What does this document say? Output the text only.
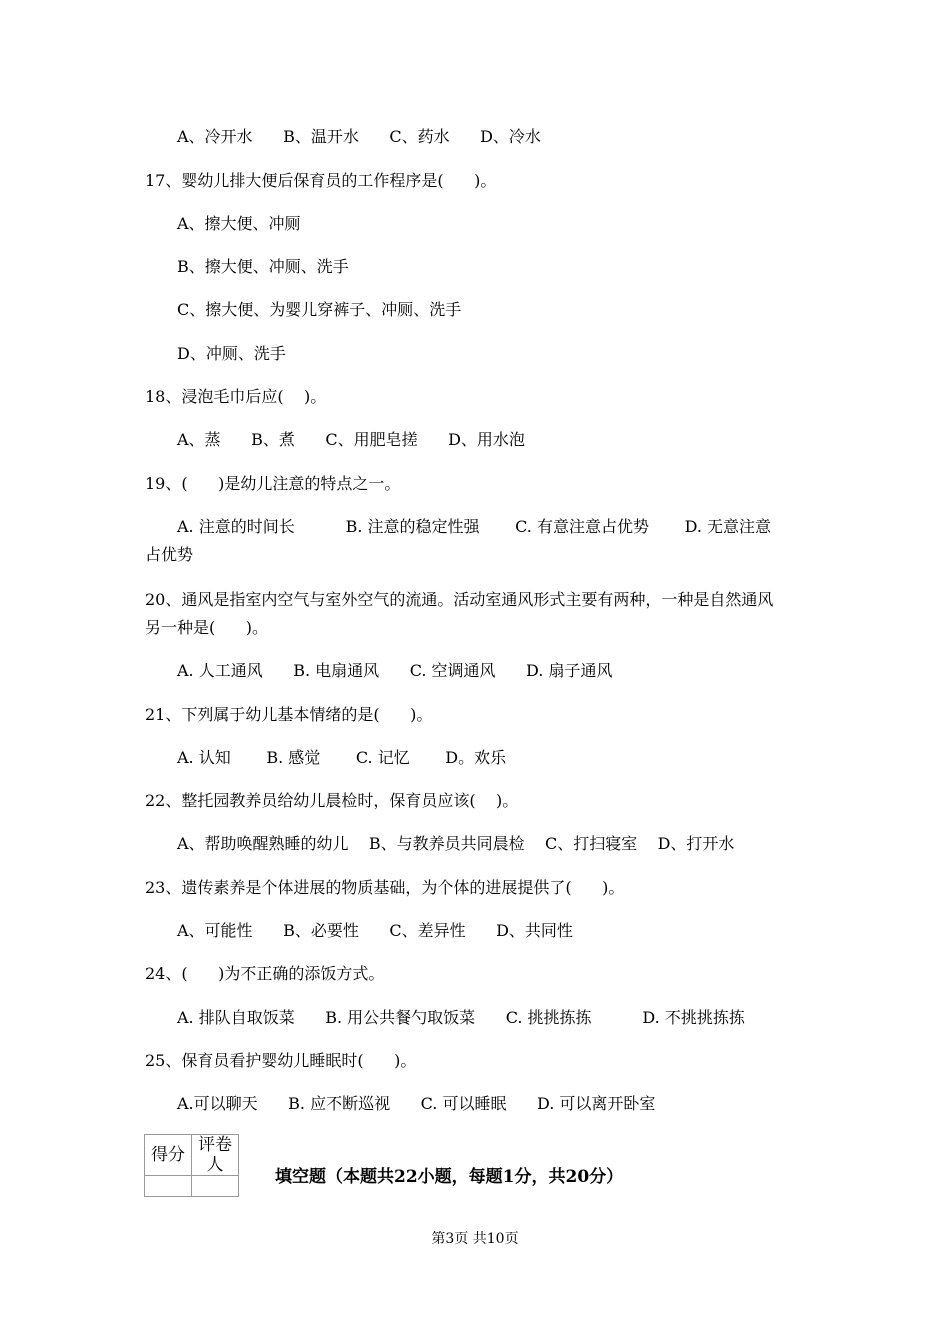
A、冷开水      B、温开水      C、药水      D、冷水
17、婴幼儿排大便后保育员的工作程序是(      )。
A、擦大便、冲厕
B、擦大便、冲厕、洗手
C、擦大便、为婴儿穿裤子、冲厕、洗手
D、冲厕、洗手
18、浸泡毛巾后应(    )。
A、蒸      B、煮      C、用肥皂搓      D、用水泡
19、(      )是幼儿注意的特点之一。
A. 注意的时间长          B. 注意的稳定性强       C. 有意注意占优势       D. 无意注意
占优势
20、通风是指室内空气与室外空气的流通。活动室通风形式主要有两种，一种是自然通风
另一种是(      )。
A. 人工通风      B. 电扇通风      C. 空调通风      D. 扇子通风
21、下列属于幼儿基本情绪的是(      )。
A. 认知       B. 感觉       C. 记忆       D。欢乐
22、整托园教养员给幼儿晨检时，保育员应该(    )。
A、帮助唤醒熟睡的幼儿    B、与教养员共同晨检    C、打扫寝室    D、打开水
23、遗传素养是个体进展的物质基础，为个体的进展提供了(      )。
A、可能性      B、必要性      C、差异性      D、共同性
24、(      )为不正确的添饭方式。
A. 排队自取饭菜      B. 用公共餐勺取饭菜      C. 挑挑拣拣          D. 不挑挑拣拣
25、保育员看护婴幼儿睡眠时(      )。
A.可以聊天      B. 应不断巡视      C. 可以睡眠      D. 可以离开卧室
得分	评卷人

填空题（本题共22小题，每题1分，共20分）
第3页 共10页
